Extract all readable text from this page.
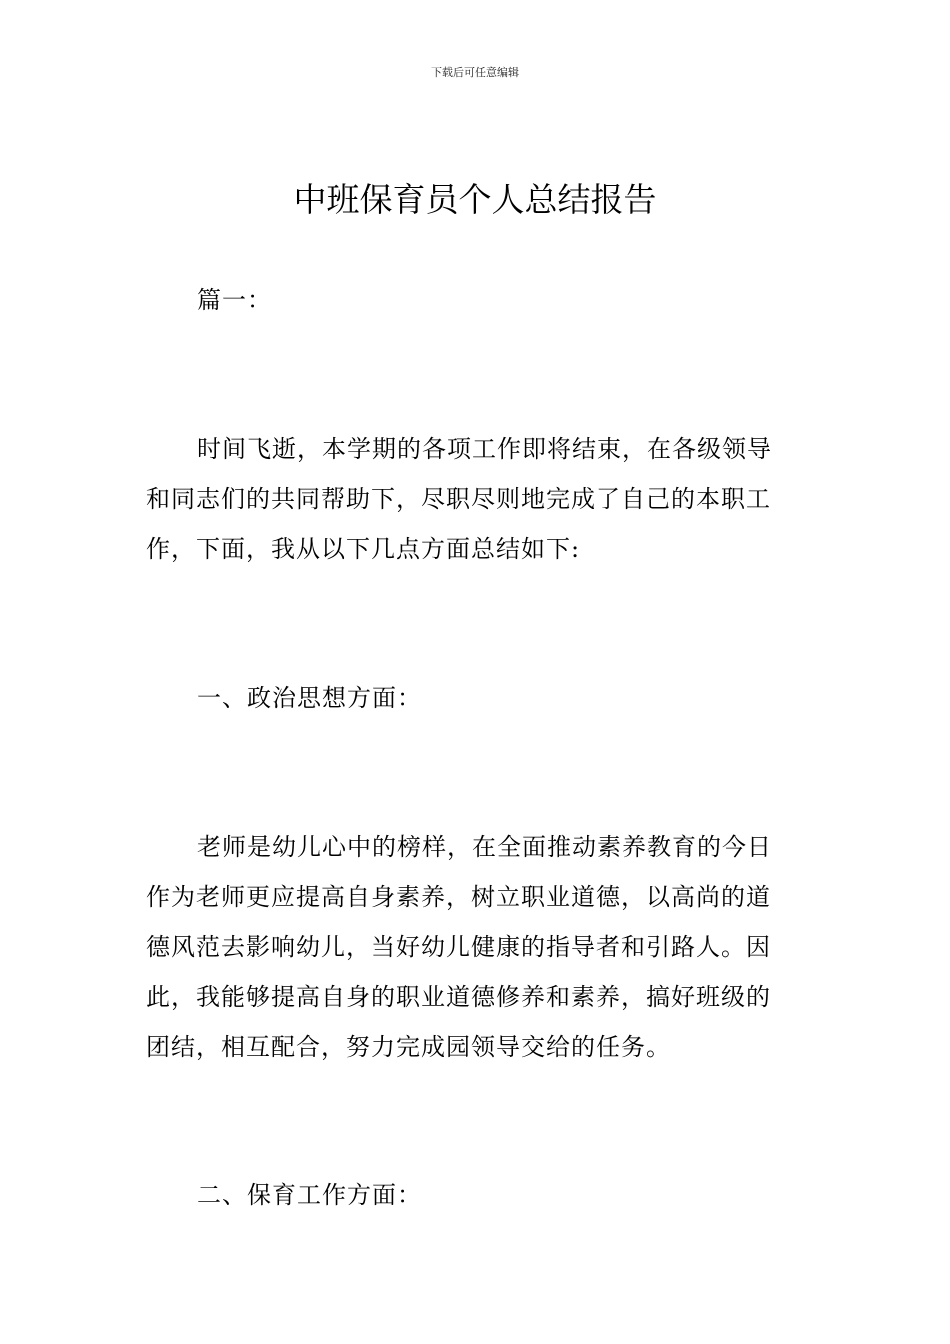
下载后可任意编辑
中班保育员个人总结报告
篇一：
时间飞逝，本学期的各项工作即将结束，在各级领导
和同志们的共同帮助下，尽职尽则地完成了自己的本职工
作，下面，我从以下几点方面总结如下:
一、政治思想方面：
老师是幼儿心中的榜样，在全面推动素养教育的今日
作为老师更应提高自身素养，树立职业道德，以高尚的道
德风范去影响幼儿，当好幼儿健康的指导者和引路人。因
此，我能够提高自身的职业道德修养和素养，搞好班级的
团结，相互配合，努力完成园领导交给的任务。
二、保育工作方面：
